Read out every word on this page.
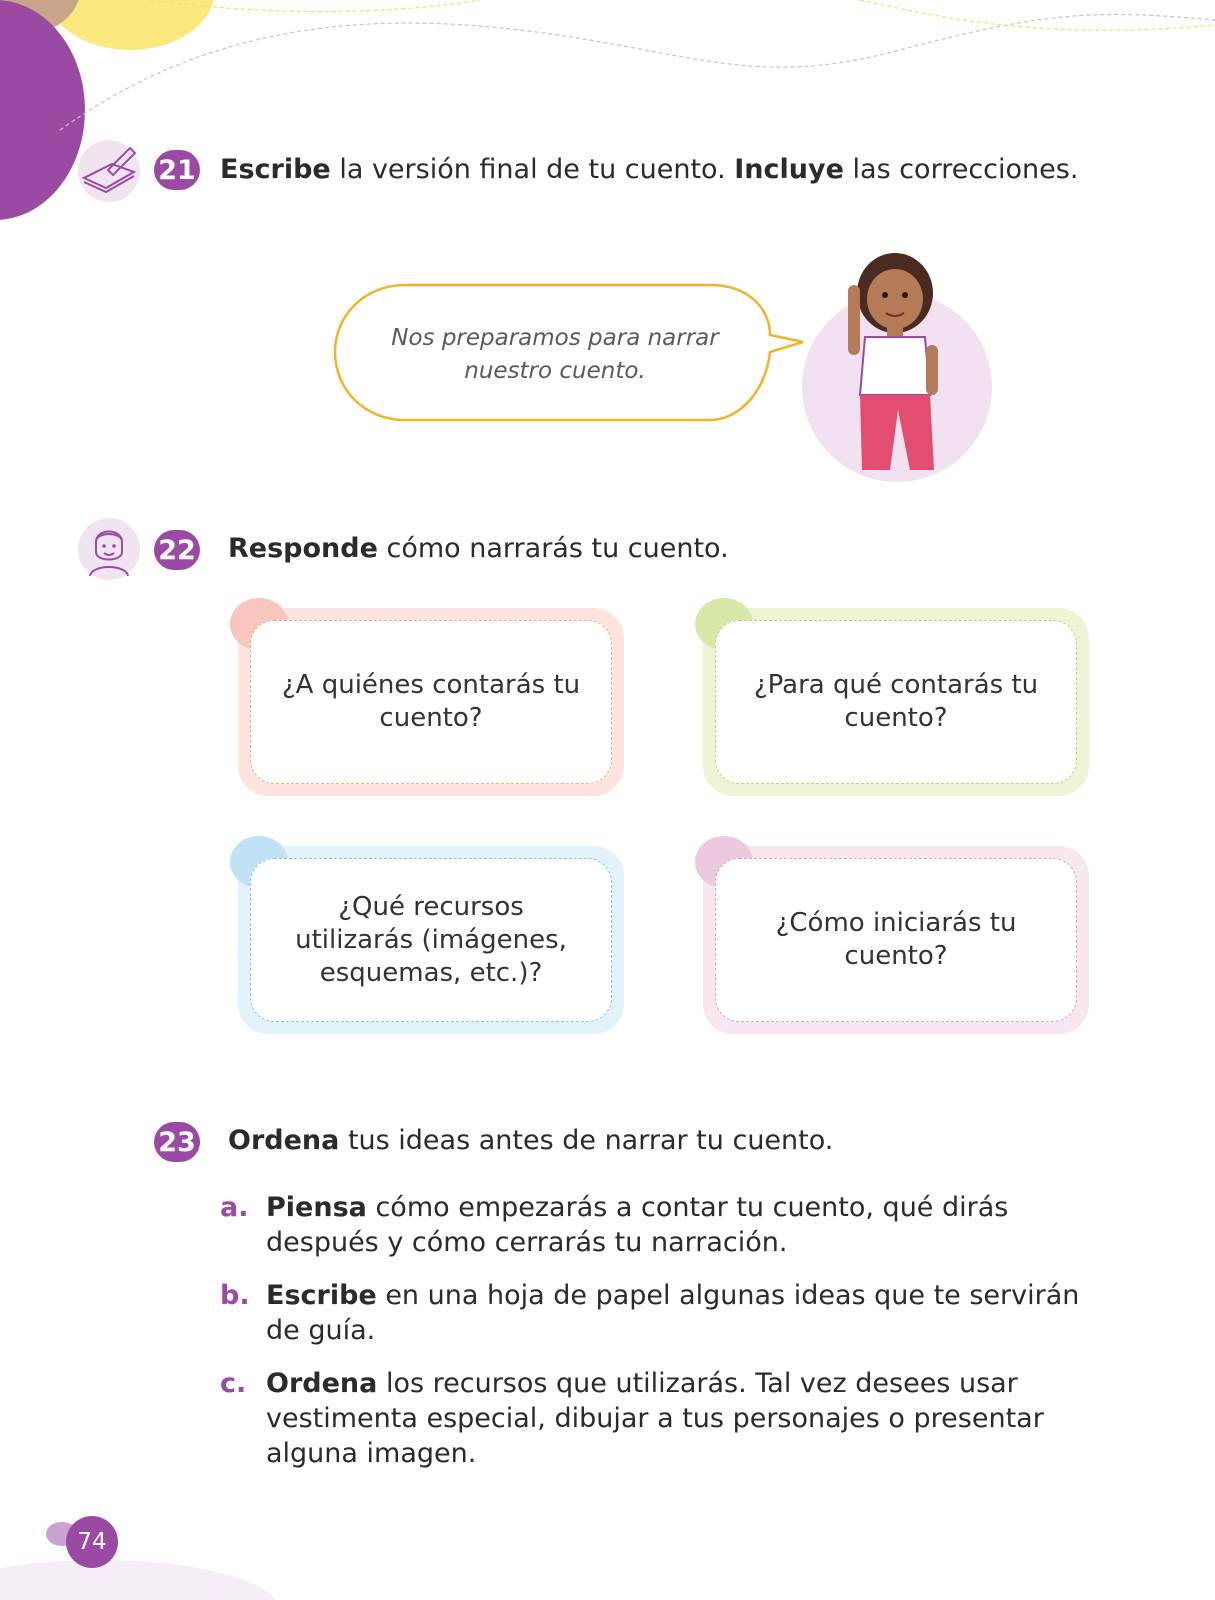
21 Escribe la versión final de tu cuento. Incluye las correcciones.
Nos preparamos para narrar
nuestro cuento.
22 Responde cómo narrarás tu cuento.
¿A quiénes contarás tu cuento?
¿Para qué contarás tu cuento?
¿Qué recursos utilizarás (imágenes, esquemas, etc.)?
¿Cómo iniciarás tu cuento?
23 Ordena tus ideas antes de narrar tu cuento.
a. Piensa cómo empezarás a contar tu cuento, qué dirás después y cómo cerrarás tu narración.
b. Escribe en una hoja de papel algunas ideas que te servirán de guía.
c. Ordena los recursos que utilizarás. Tal vez desees usar vestimenta especial, dibujar a tus personajes o presentar alguna imagen.
74
